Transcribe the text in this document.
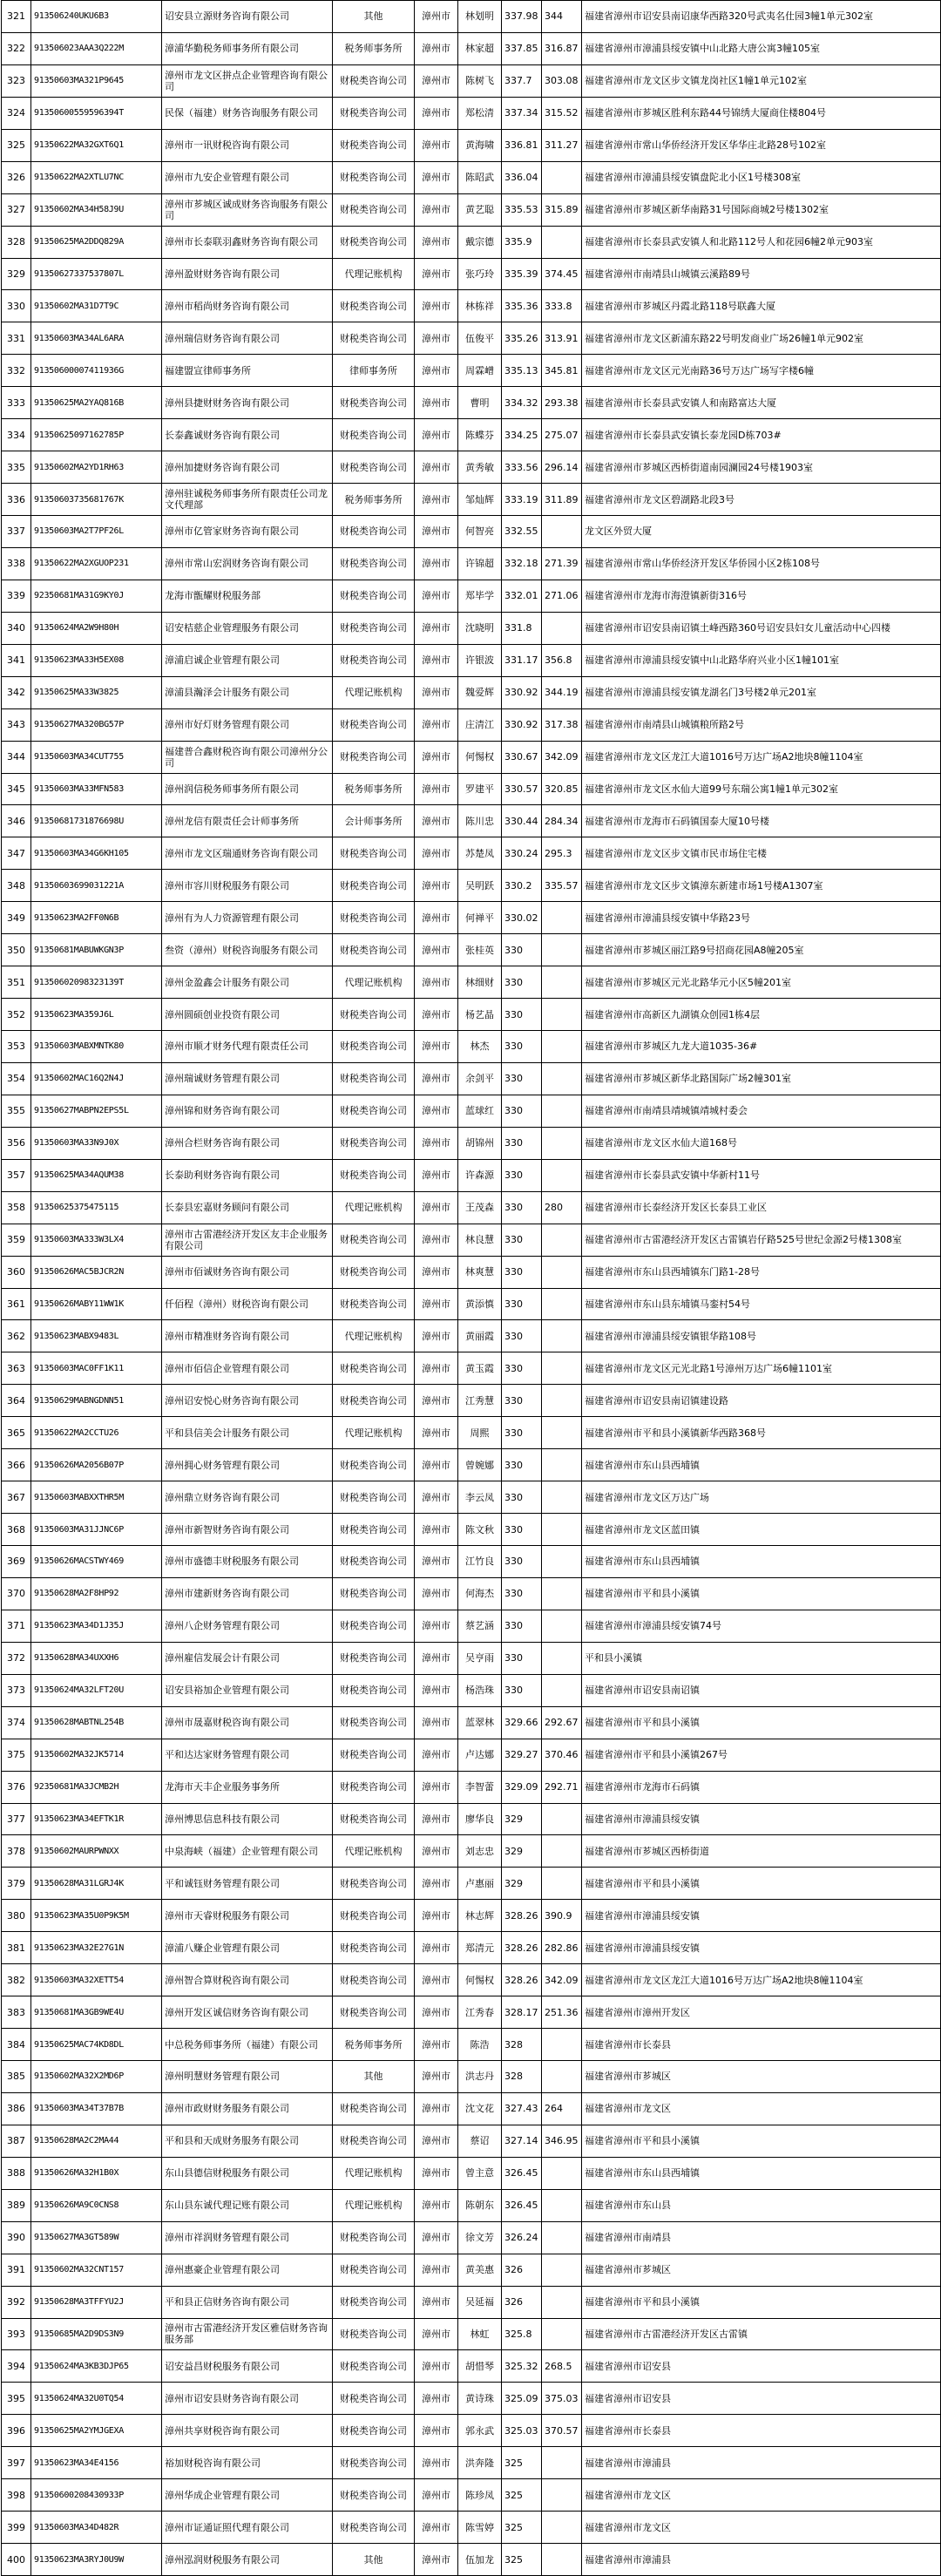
321	913506240UKU6B3	诏安县立源财务咨询有限公司	其他	漳州市	林划明	337.98	344	福建省漳州市诏安县南诏康华西路320号武夷名仕园3幢1单元302室
322	913506023AAA3Q222M	漳浦华勤税务师事务所有限公司	税务师事务所	漳州市	林家超	337.85	316.87	福建省漳州市漳浦县绥安镇中山北路大唐公寓3幢105室
323	91350603MA321P9645	漳州市龙文区拼点企业管理咨询有限公司	财税类咨询公司	漳州市	陈树飞	337.7	303.08	福建省漳州市龙文区步文镇龙岗社区1幢1单元102室
324	91350600559596394T	民保（福建）财务咨询服务有限公司	财税类咨询公司	漳州市	郑松清	337.34	315.52	福建省漳州市芗城区胜利东路44号锦绣大厦商住楼804号
325	91350622MA32GXT6Q1	漳州市一讯财税咨询有限公司	财税类咨询公司	漳州市	黄海啸	336.81	311.27	福建省漳州市常山华侨经济开发区华华庄北路28号102室
326	91350622MA2XTLU7NC	漳州市九安企业管理有限公司	财税类咨询公司	漳州市	陈昭武	336.04		福建省漳州市漳浦县绥安镇盘陀北小区1号楼308室
327	91350602MA34H58J9U	漳州市芗城区诚成财务咨询服务有限公司	财税类咨询公司	漳州市	黄艺聪	335.53	315.89	福建省漳州市芗城区新华南路31号国际商城2号楼1302室
328	91350625MA2DDQ829A	漳州市长泰联羽鑫财务咨询有限公司	财税类咨询公司	漳州市	戴宗德	335.9		福建省漳州市长泰县武安镇人和北路112号人和花园6幢2单元903室
329	91350627337537807L	漳州盈财财务咨询有限公司	代理记账机构	漳州市	张巧玲	335.39	374.45	福建省漳州市南靖县山城镇云溪路89号
330	91350602MA31D7T9C	漳州市稻尚财务咨询有限公司	财税类咨询公司	漳州市	林栋祥	335.36	333.8	福建省漳州市芗城区丹霞北路118号联鑫大厦
331	91350603MA34AL6ARA	漳州瑞信财务咨询有限公司	财税类咨询公司	漳州市	伍俊平	335.26	313.91	福建省漳州市龙文区新浦东路22号明发商业广场26幢1单元902室
332	91350600007411936G	福建盟宣律师事务所	律师事务所	漳州市	周霖嶒	335.13	345.81	福建省漳州市龙文区元光南路36号万达广场写字楼6幢
333	91350625MA2YAQ816B	漳州县捷财财务咨询有限公司	财税类咨询公司	漳州市	曹明	334.32	293.38	福建省漳州市长泰县武安镇人和南路富达大厦
334	91350625097162785P	长泰鑫诚财务咨询有限公司	财税类咨询公司	漳州市	陈蝶芬	334.25	275.07	福建省漳州市长泰县武安镇长泰龙园D栋703#
335	91350602MA2YD1RH63	漳州加捷财务咨询有限公司	财税类咨询公司	漳州市	黄秀敏	333.56	296.14	福建省漳州市芗城区西桥街道南园澜园24号楼1903室
336	91350603735681767K	漳州驻诚税务师事务所有限责任公司龙文代理部	税务师事务所	漳州市	邹灿辉	333.19	311.89	福建省漳州市龙文区碧湖路北段3号
337	91350603MA2T7PF26L	漳州市亿管家财务咨询有限公司	财税类咨询公司	漳州市	何智亮	332.55		龙文区外贸大厦
338	91350622MA2XGUOP231	漳州市常山宏润财务咨询有限公司	财税类咨询公司	漳州市	许锦超	332.18	271.39	福建省漳州市常山华侨经济开发区华侨园小区2栋108号
339	92350681MA31G9KY0J	龙海市甑耀财税服务部	财税类咨询公司	漳州市	郑毕学	332.01	271.06	福建省漳州市龙海市海澄镇新街316号
340	91350624MA2W9H80H	诏安桔慈企业管理服务有限公司	财税类咨询公司	漳州市	沈晓明	331.8		福建省漳州市诏安县南诏镇土峰西路360号诏安县妇女儿童活动中心四楼
341	91350623MA33H5EX08	漳浦启诚企业管理有限公司	财税类咨询公司	漳州市	许银波	331.17	356.8	福建省漳州市漳浦县绥安镇中山北路华府兴业小区1幢101室
342	91350625MA33W3825	漳浦县瀚泽会计服务有限公司	代理记账机构	漳州市	魏爱辉	330.92	344.19	福建省漳州市漳浦县绥安镇龙湖名门3号楼2单元201室
343	91350627MA320BG57P	漳州市好灯财务管理有限公司	财税类咨询公司	漳州市	庄清江	330.92	317.38	福建省漳州市南靖县山城镇粮所路2号
344	91350603MA34CUT755	福建普合鑫财税咨询有限公司漳州分公司	财税类咨询公司	漳州市	何惕权	330.67	342.09	福建省漳州市龙文区龙江大道1016号万达广场A2地块8幢1104室
345	91350603MA33MFN583	漳州润信税务师事务所有限公司	税务师事务所	漳州市	罗建平	330.57	320.85	福建省漳州市龙文区水仙大道99号东瑞公寓1幢1单元302室
346	91350681731876698U	漳州龙信有限责任会计师事务所	会计师事务所	漳州市	陈川忠	330.44	284.34	福建省漳州市龙海市石码镇国泰大厦10号楼
347	91350603MA34G6KH105	漳州市龙文区瑞通财务咨询有限公司	财税类咨询公司	漳州市	苏楚凤	330.24	295.3	福建省漳州市龙文区步文镇市民市场住宅楼
348	91350603699031221A	漳州市容川财税服务有限公司	财税类咨询公司	漳州市	吴明跃	330.2	335.57	福建省漳州市龙文区步文镇漳东新建市场1号楼A1307室
349	91350623MA2FF0N6B	漳州有为人力资源管理有限公司	财税类咨询公司	漳州市	何禅平	330.02		福建省漳州市漳浦县绥安镇中华路23号
350	91350681MABUWKGN3P	叁资（漳州）财税咨询服务有限公司	财税类咨询公司	漳州市	张桂英	330		福建省漳州市芗城区丽江路9号招商花园A8幢205室
351	91350602098323139T	漳州金盈鑫会计服务有限公司	代理记账机构	漳州市	林细财	330		福建省漳州市芗城区元光北路华元小区5幢201室
352	91350623MA359J6L	漳州圆硕创业投资有限公司	财税类咨询公司	漳州市	杨艺晶	330		福建省漳州市高新区九湖镇众创园1栋4层
353	91350603MABXMNTK80	漳州市顺才财务代理有限责任公司	财税类咨询公司	漳州市	林杰	330		福建省漳州市芗城区九龙大道1035-36#
354	91350602MAC16Q2N4J	漳州瑞诚财务管理有限公司	财税类咨询公司	漳州市	余剑平	330		福建省漳州市芗城区新华北路国际广场2幢301室
355	91350627MABPN2EPS5L	漳州锦和财务咨询有限公司	财税类咨询公司	漳州市	蓝球红	330		福建省漳州市南靖县靖城镇靖城村委会
356	91350603MA33N9J0X	漳州合栏财务咨询有限公司	财税类咨询公司	漳州市	胡锦州	330		福建省漳州市龙文区水仙大道168号
357	91350625MA34AQUM38	长泰助利财务咨询有限公司	财税类咨询公司	漳州市	许森源	330		福建省漳州市长泰县武安镇中华新村11号
358	91350625375475115	长泰县宏嘉财务顾问有限公司	代理记账机构	漳州市	王茂森	330	280	福建省漳州市长泰经济开发区长泰县工业区
359	91350603MA333W3LX4	漳州市古雷港经济开发区友丰企业服务有限公司	财税类咨询公司	漳州市	林良慧	330		福建省漳州市古雷港经济开发区古雷镇岩仔路525号世纪金源2号楼1308室
360	91350626MAC5BJCR2N	漳州市佰诚财务咨询有限公司	财税类咨询公司	漳州市	林爽慧	330		福建省漳州市东山县西埔镇东门路1-28号
361	91350626MABY11WW1K	仟佰程（漳州）财税咨询有限公司	财税类咨询公司	漳州市	黄添慎	330		福建省漳州市东山县东埔镇马銮村54号
362	91350623MABX9483L	漳州市精准财务咨询有限公司	代理记账机构	漳州市	黄丽霞	330		福建省漳州市漳浦县绥安镇银华路108号
363	91350603MAC0FF1K11	漳州市佰信企业管理有限公司	财税类咨询公司	漳州市	黄玉霞	330		福建省漳州市龙文区元光北路1号漳州万达广场6幢1101室
364	91350629MABNGDNN51	漳州诏安悦心财务咨询有限公司	财税类咨询公司	漳州市	江秀慧	330		福建省漳州市诏安县南诏镇建设路
365	91350622MA2CCTU26	平和县信美会计服务有限公司	代理记账机构	漳州市	周熙	330		福建省漳州市平和县小溪镇新华西路368号
366	91350626MA2056B07P	漳州拥心财务管理有限公司	财税类咨询公司	漳州市	曾婉娜	330		福建省漳州市东山县西埔镇
367	91350603MABXXTHR5M	漳州鼎立财务咨询有限公司	财税类咨询公司	漳州市	李云凤	330		福建省漳州市龙文区万达广场
368	91350603MA31JJNC6P	漳州市新智财务咨询有限公司	财税类咨询公司	漳州市	陈文秋	330		福建省漳州市龙文区蓝田镇
369	91350626MACSTWY469	漳州市盛德丰财税服务有限公司	财税类咨询公司	漳州市	江竹良	330		福建省漳州市东山县西埔镇
370	91350628MA2F8HP92	漳州市建新财务咨询有限公司	财税类咨询公司	漳州市	何海杰	330		福建省漳州市平和县小溪镇
371	91350623MA34D1J35J	漳州八企财务管理有限公司	财税类咨询公司	漳州市	蔡艺涵	330		福建省漳州市漳浦县绥安镇74号
372	91350628MA34UXXH6	漳州雇信发展会计有限公司	财税类咨询公司	漳州市	吴亨雨	330		平和县小溪镇
373	91350624MA32LFT20U	诏安县裕加企业管理有限公司	财税类咨询公司	漳州市	杨浩珠	330		福建省漳州市诏安县南诏镇
374	91350628MABTNL254B	漳州市晟嘉财税咨询有限公司	财税类咨询公司	漳州市	蓝翠林	329.66	292.67	福建省漳州市平和县小溪镇
375	91350602MA32JK5714	平和达达家财务管理有限公司	财税类咨询公司	漳州市	卢达娜	329.27	370.46	福建省漳州市平和县小溪镇267号
376	92350681MA3JCMB2H	龙海市天丰企业服务事务所	财税类咨询公司	漳州市	李智蕾	329.09	292.71	福建省漳州市龙海市石码镇
377	91350623MA34EFTK1R	漳州博思信息科技有限公司	财税类咨询公司	漳州市	廖华良	329		福建省漳州市漳浦县绥安镇
378	91350602MAURPWNXX	中泉海峡（福建）企业管理有限公司	代理记账机构	漳州市	刘志忠	329		福建省漳州市芗城区西桥街道
379	91350628MA31LGRJ4K	平和诚钰财务管理有限公司	财税类咨询公司	漳州市	卢惠丽	329		福建省漳州市平和县小溪镇
380	91350623MA35U0P9K5M	漳州市天睿财税服务有限公司	财税类咨询公司	漳州市	林志辉	328.26	390.9	福建省漳州市漳浦县绥安镇
381	91350623MA32E27G1N	漳浦八赚企业管理有限公司	财税类咨询公司	漳州市	郑清元	328.26	282.86	福建省漳州市漳浦县绥安镇
382	91350603MA32XETT54	漳州智合算财税咨询有限公司	财税类咨询公司	漳州市	何惕权	328.26	342.09	福建省漳州市龙文区龙江大道1016号万达广场A2地块8幢1104室
383	91350681MA3GB9WE4U	漳州开发区诚信财务咨询有限公司	财税类咨询公司	漳州市	江秀春	328.17	251.36	福建省漳州市漳州开发区
384	91350625MAC74KD8DL	中总税务师事务所（福建）有限公司	税务师事务所	漳州市	陈浩	328		福建省漳州市长泰县
385	91350602MA32X2MD6P	漳州明慧财务管理有限公司	其他	漳州市	洪志丹	328		福建省漳州市芗城区
386	91350603MA34T37B7B	漳州市政财财务服务有限公司	财税类咨询公司	漳州市	沈文花	327.43	264	福建省漳州市龙文区
387	91350628MA2C2MA44	平和县和天成财务服务有限公司	财税类咨询公司	漳州市	蔡诏	327.14	346.95	福建省漳州市平和县小溪镇
388	91350626MA32H1B0X	东山县德信财税服务有限公司	代理记账机构	漳州市	曾主意	326.45		福建省漳州市东山县西埔镇
389	91350626MA9C0CNS8	东山县东诚代理记账有限公司	代理记账机构	漳州市	陈朝东	326.45		福建省漳州市东山县
390	91350627MA3GT589W	漳州市祥润财务管理有限公司	财税类咨询公司	漳州市	徐文芳	326.24		福建省漳州市南靖县
391	91350602MA32CNT157	漳州惠豪企业管理有限公司	财税类咨询公司	漳州市	黄美惠	326		福建省漳州市芗城区
392	91350628MA3TFFYU2J	平和县正信财务咨询有限公司	财税类咨询公司	漳州市	吴延福	326		福建省漳州市平和县小溪镇
393	91350685MA2D9DS3N9	漳州市古雷港经济开发区雅信财务咨询服务部	财税类咨询公司	漳州市	林虹	325.8		福建省漳州市古雷港经济开发区古雷镇
394	91350624MA3KB3DJP65	诏安益昌财税服务有限公司	财税类咨询公司	漳州市	胡惜琴	325.32	268.5	福建省漳州市诏安县
395	91350624MA32U0TQ54	漳州市诏安县财务咨询有限公司	财税类咨询公司	漳州市	黄诗珠	325.09	375.03	福建省漳州市诏安县
396	91350625MA2YMJGEXA	漳州共享财税咨询有限公司	财税类咨询公司	漳州市	郭永武	325.03	370.57	福建省漳州市长泰县
397	91350623MA34E4156	裕加财税咨询有限公司	财税类咨询公司	漳州市	洪奔隆	325		福建省漳州市漳浦县
398	91350600208430933P	漳州华成企业管理有限公司	财税类咨询公司	漳州市	陈珍凤	325		福建省漳州市龙文区
399	91350603MA34D482R	漳州市证通证照代理有限公司	财税类咨询公司	漳州市	陈雪婷	325		福建省漳州市龙文区
400	91350623MA3RYJ0U9W	漳州泓润财税服务有限公司	其他	漳州市	伍加龙	325		福建省漳州市漳浦县
